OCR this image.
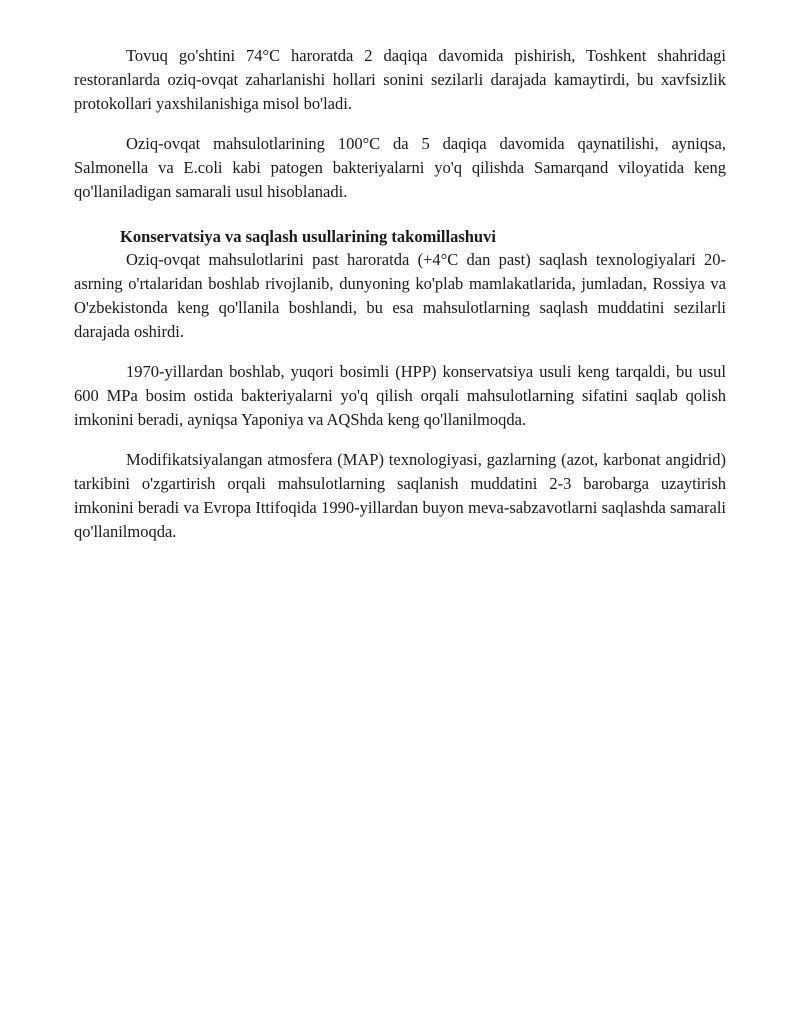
Tovuq go'shtini 74°C haroratda 2 daqiqa davomida pishirish, Toshkent shahridagi restoranlarda oziq-ovqat zaharlanishi hollari sonini sezilarli darajada kamaytirdi, bu xavfsizlik protokollari yaxshilanishiga misol bo'ladi.

Oziq-ovqat mahsulotlarining 100°C da 5 daqiqa davomida qaynatilishi, ayniqsa, Salmonella va E.coli kabi patogen bakteriyalarni yo'q qilishda Samarqand viloyatida keng qo'llaniladigan samarali usul hisoblanadi.

Konservatsiya va saqlash usullarining takomillashuvi

Oziq-ovqat mahsulotlarini past haroratda (+4°C dan past) saqlash texnologiyalari 20-asrning o'rtalaridan boshlab rivojlanib, dunyoning ko'plab mamlakatlarida, jumladan, Rossiya va O'zbekistonda keng qo'llanila boshlandi, bu esa mahsulotlarning saqlash muddatini sezilarli darajada oshirdi.

1970-yillardan boshlab, yuqori bosimli (HPP) konservatsiya usuli keng tarqaldi, bu usul 600 MPa bosim ostida bakteriyalarni yo'q qilish orqali mahsulotlarning sifatini saqlab qolish imkonini beradi, ayniqsa Yaponiya va AQShda keng qo'llanilmoqda.

Modifikatsiyalangan atmosfera (MAP) texnologiyasi, gazlarning (azot, karbonat angidrid) tarkibini o'zgartirish orqali mahsulotlarning saqlanish muddatini 2-3 barobarga uzaytirish imkonini beradi va Evropa Ittifoqida 1990-yillardan buyon meva-sabzavotlarni saqlashda samarali qo'llanilmoqda.
